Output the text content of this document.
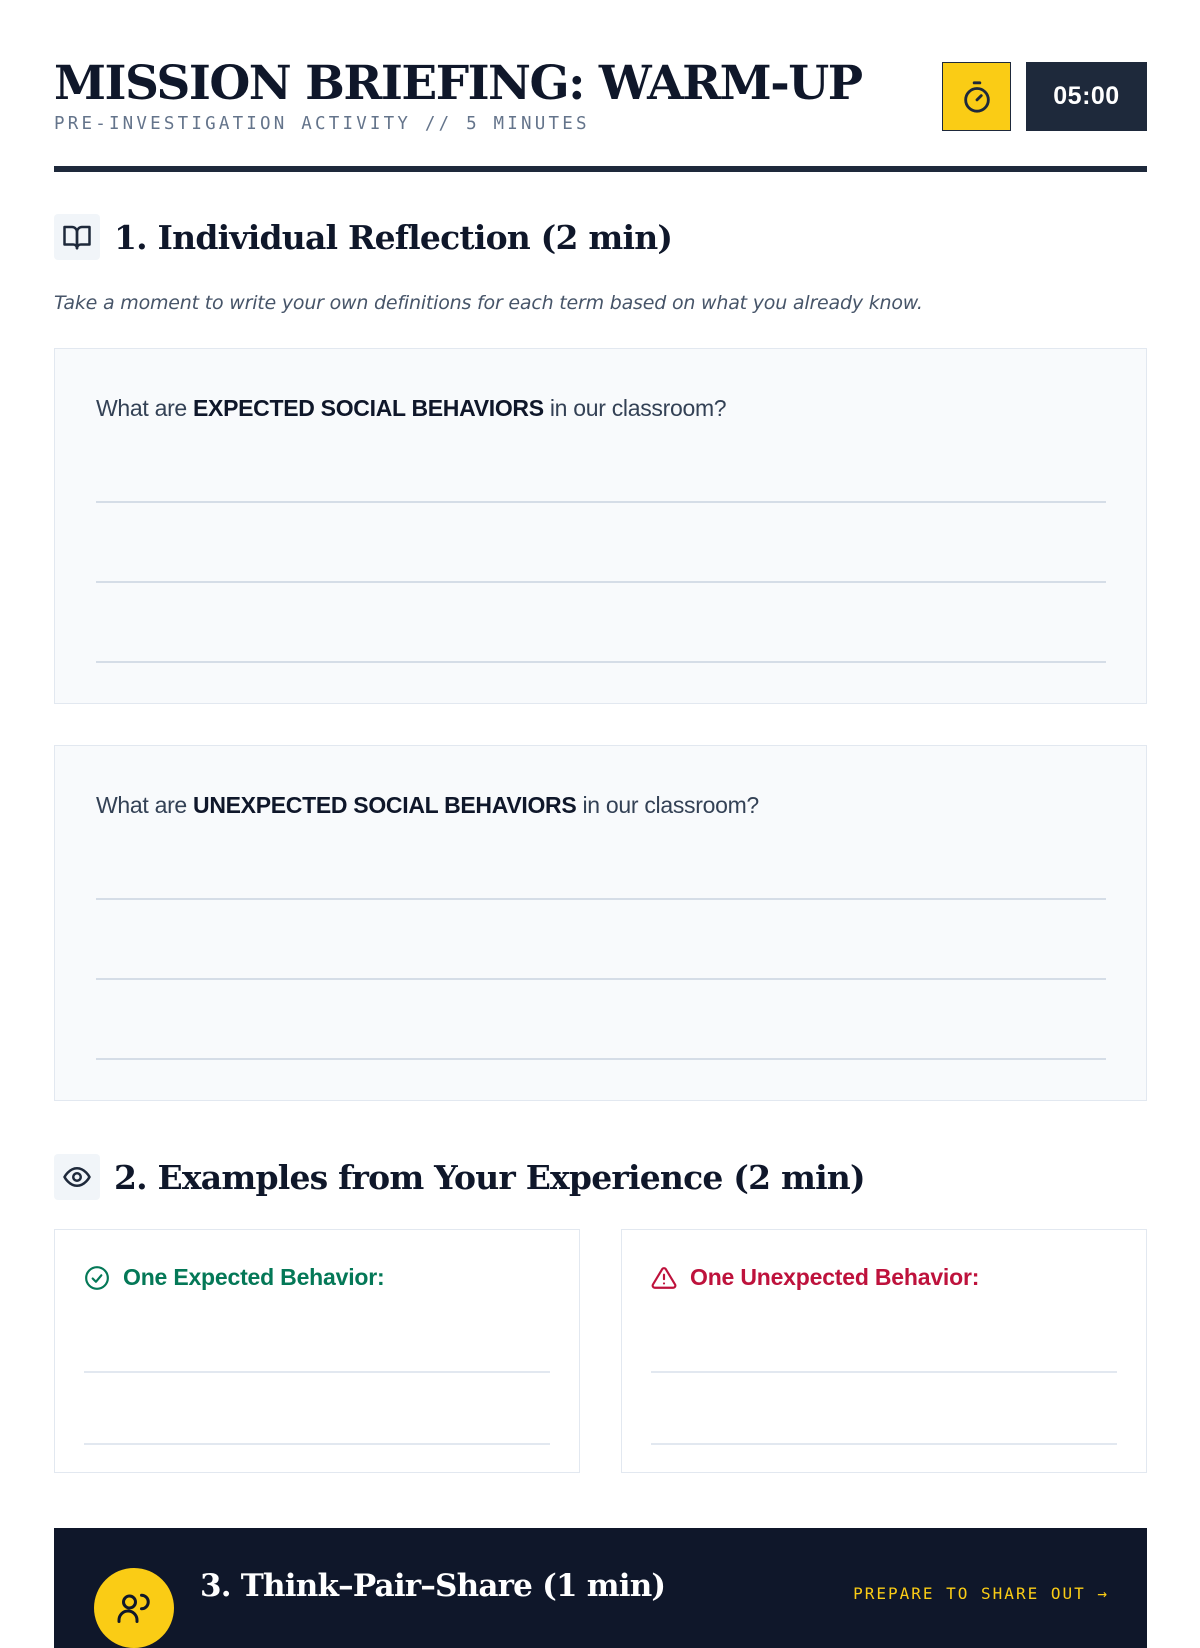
MISSION BRIEFING: WARM-UP
PRE-INVESTIGATION ACTIVITY // 5 MINUTES
05:00
1. Individual Reflection (2 min)
Take a moment to write your own definitions for each term based on what you already know.
What are EXPECTED SOCIAL BEHAVIORS in our classroom?
What are UNEXPECTED SOCIAL BEHAVIORS in our classroom?
2. Examples from Your Experience (2 min)
One Expected Behavior:	One Unexpected Behavior:
3. Think–Pair–Share (1 min)	PREPARE TO SHARE OUT →
